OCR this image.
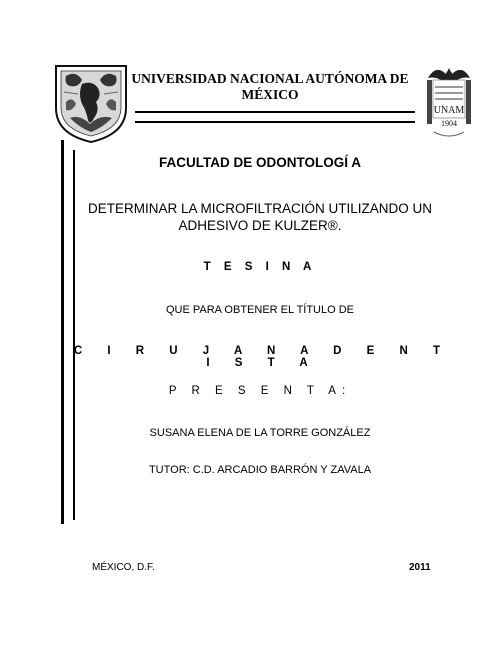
UNIVERSIDAD NACIONAL AUTÓNOMA DE MÉXICO
UNAM
1904
FACULTAD DE ODONTOLOGÍ A
DETERMINAR LA MICROFILTRACIÓN UTILIZANDO UN ADHESIVO DE KULZER®.
T E S I N A
QUE PARA OBTENER EL TÍTULO DE
C I R U J A N A D E N T I S T A
P R E S E N T A:
SUSANA ELENA DE LA TORRE GONZÁLEZ
TUTOR: C.D. ARCADIO BARRÓN Y ZAVALA
MÉXICO, D.F.	2011
